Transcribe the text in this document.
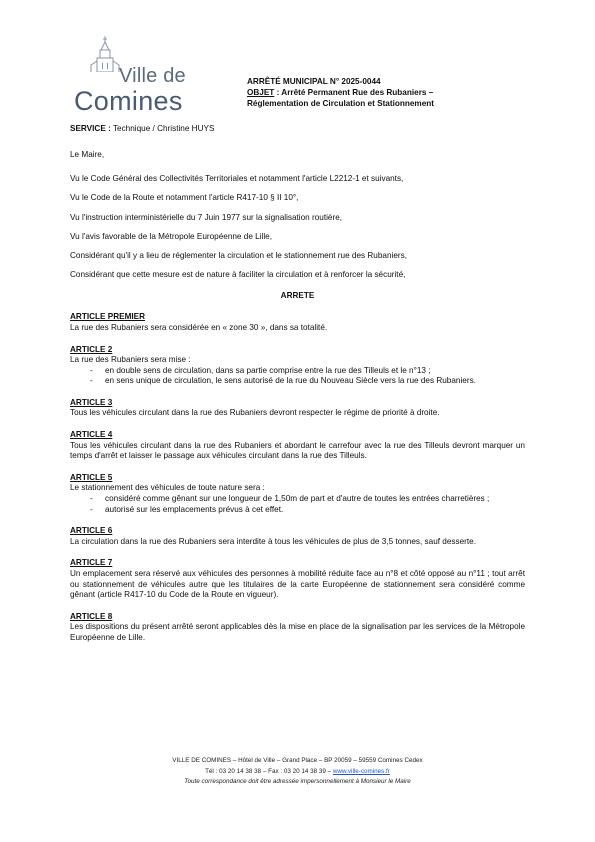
Ville de
Comines
ARRÊTÉ MUNICIPAL N° 2025-0044
OBJET : Arrêté Permanent Rue des Rubaniers –
Réglementation de Circulation et Stationnement

SERVICE : Technique / Christine HUYS

Le Maire,

Vu le Code Général des Collectivités Territoriales et notamment l'article L2212-1 et suivants,

Vu le Code de la Route et notamment l'article R417-10 § II 10°,

Vu l'instruction interministérielle du 7 Juin 1977 sur la signalisation routière,

Vu l'avis favorable de la Métropole Européenne de Lille,

Considérant qu'il y a lieu de réglementer la circulation et le stationnement rue des Rubaniers,

Considérant que cette mesure est de nature à faciliter la circulation et à renforcer la sécurité,

ARRETE

ARTICLE PREMIER

La rue des Rubaniers sera considérée en « zone 30 », dans sa totalité.

ARTICLE 2

La rue des Rubaniers sera mise :

- en double sens de circulation, dans sa partie comprise entre la rue des Tilleuls et le n°13 ;
- en sens unique de circulation, le sens autorisé de la rue du Nouveau Siècle vers la rue des Rubaniers.

ARTICLE 3

Tous les véhicules circulant dans la rue des Rubaniers devront respecter le régime de priorité à droite.

ARTICLE 4

Tous les véhicules circulant dans la rue des Rubaniers et abordant le carrefour avec la rue des Tilleuls devront marquer un temps d'arrêt et laisser le passage aux véhicules circulant dans la rue des Tilleuls.

ARTICLE 5

Le stationnement des véhicules de toute nature sera :

- considéré comme gênant sur une longueur de 1,50m de part et d'autre de toutes les entrées charretières ;
- autorisé sur les emplacements prévus à cet effet.

ARTICLE 6

La circulation dans la rue des Rubaniers sera interdite à tous les véhicules de plus de 3,5 tonnes, sauf desserte.

ARTICLE 7

Un emplacement sera réservé aux véhicules des personnes à mobilité réduite face au n°8 et côté opposé au n°11 ; tout arrêt ou stationnement de véhicules autre que les titulaires de la carte Européenne de stationnement sera considéré comme gênant (article R417-10 du Code de la Route en vigueur).

ARTICLE 8

Les dispositions du présent arrêté seront applicables dès la mise en place de la signalisation par les services de la Métropole Européenne de Lille.

VILLE DE COMINES – Hôtel de Ville – Grand Place – BP 20059 – 59559 Comines Cedex
Tél : 03 20 14 38 38 – Fax : 03 20 14 38 39 – www.ville-comines.fr
Toute correspondance doit être adressée impersonnellement à Monsieur le Maire
